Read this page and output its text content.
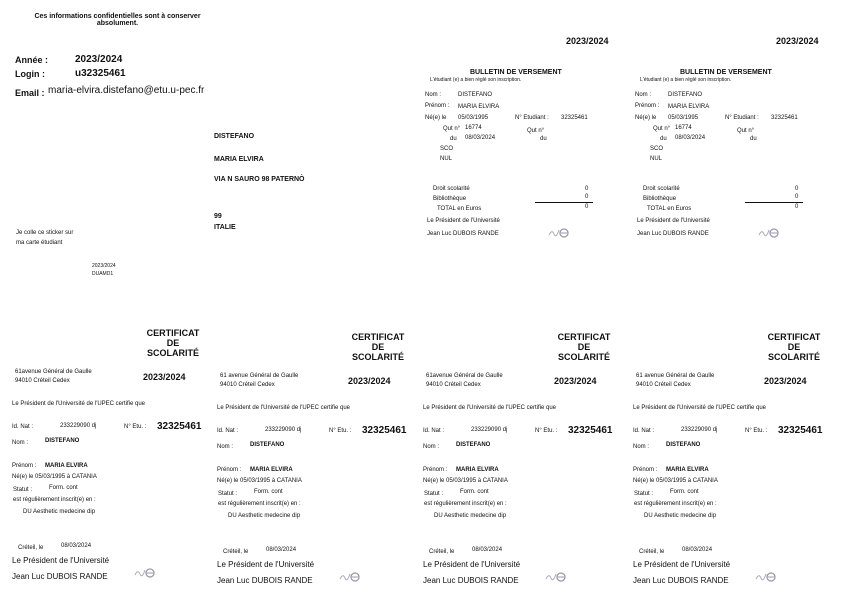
Ces informations confidentielles sont à conserver
absolument.
Année :	2023/2024
Login :	u32325461
Email : maria-elvira.distefano@etu.u-pec.fr
DISTEFANO
MARIA ELVIRA
VIA N SAURO 98 PATERNÒ
99
ITALIE
Je colle ce sticker sur
ma carte étudiant
2023/2024
DUAMD1
2023/2024
BULLETIN DE VERSEMENT
L'étudiant (e) a bien réglé son inscription.
Nom :	DISTEFANO
Prénom : MARIA ELVIRA
Né(e) le 05/03/1995	N° Etudiant : 32325461
Qut n° 16774
du 08/03/2024
Qut n°
du
SCO
NUL
Droit scolarité	0
Bibliothèque	0
TOTAL en Euros	0
Le Président de l'Université
Jean Luc DUBOIS RANDE
2023/2024
BULLETIN DE VERSEMENT
L'étudiant (e) a bien réglé son inscription.
Nom :	DISTEFANO
Prénom : MARIA ELVIRA
Né(e) le 05/03/1995	N° Etudiant : 32325461
Qut n° 16774
du 08/03/2024
Qut n°
du
SCO
NUL
Droit scolarité	0
Bibliothèque	0
TOTAL en Euros	0
Le Président de l'Université
Jean Luc DUBOIS RANDE
CERTIFICAT
DE
SCOLARITÉ
61avenue Général de Gaulle
94010 Créteil Cedex	2023/2024
Le Président de l'Université de l'UPEC certifie que
Id. Nat :	233229090 dj	N° Etu. : 32325461
Nom :	DISTEFANO
Prénom : MARIA ELVIRA
Né(e) le 05/03/1995 à CATANIA
Statut :	Form. cont
est régulièrement inscrit(e) en :
DU Aesthetic medecine dip
Créteil, le	08/03/2024
Le Président de l'Université
Jean Luc DUBOIS RANDE
CERTIFICAT
DE
SCOLARITÉ
61 avenue Général de Gaulle
94010 Créteil Cedex	2023/2024
Le Président de l'Université de l'UPEC certifie que
Id. Nat :	233229090 dj	N° Etu. : 32325461
Nom :	DISTEFANO
Prénom : MARIA ELVIRA
Né(e) le 05/03/1995 à CATANIA
Statut :	Form. cont
est régulièrement inscrit(e) en :
DU Aesthetic medecine dip
Créteil, le	08/03/2024
Le Président de l'Université
Jean Luc DUBOIS RANDE
CERTIFICAT
DE
SCOLARITÉ
61avenue Général de Gaulle
94010 Créteil Cedex	2023/2024
Le Président de l'Université de l'UPEC certifie que
Id. Nat :	233229090 dj	N° Etu. : 32325461
Nom :	DISTEFANO
Prénom : MARIA ELVIRA
Né(e) le 05/03/1995 à CATANIA
Statut :	Form. cont
est régulièrement inscrit(e) en :
DU Aesthetic medecine dip
Créteil, le	08/03/2024
Le Président de l'Université
Jean Luc DUBOIS RANDE
CERTIFICAT
DE
SCOLARITÉ
61 avenue Général de Gaulle
94010 Créteil Cedex	2023/2024
Le Président de l'Université de l'UPEC certifie que
Id. Nat :	233229090 dj	N° Etu. : 32325461
Nom :	DISTEFANO
Prénom : MARIA ELVIRA
Né(e) le 05/03/1995 à CATANIA
Statut :	Form. cont
est régulièrement inscrit(e) en :
DU Aesthetic medecine dip
Créteil, le	08/03/2024
Le Président de l'Université
Jean Luc DUBOIS RANDE
